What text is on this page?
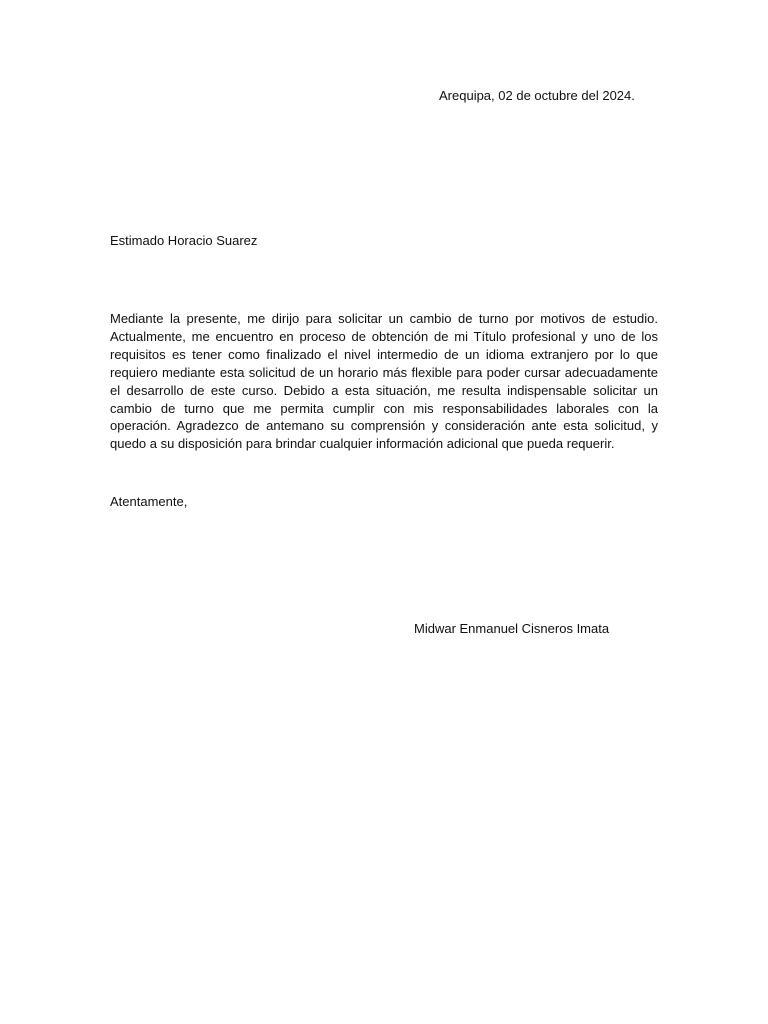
Arequipa, 02 de octubre del 2024.
Estimado Horacio Suarez
Mediante la presente, me dirijo para solicitar un cambio de turno por motivos de estudio. Actualmente, me encuentro en proceso de obtención de mi Título profesional y uno de los requisitos es tener como finalizado el nivel intermedio de un idioma extranjero por lo que requiero mediante esta solicitud de un horario más flexible para poder cursar adecuadamente el desarrollo de este curso. Debido a esta situación, me resulta indispensable solicitar un cambio de turno que me permita cumplir con mis responsabilidades laborales con la operación. Agradezco de antemano su comprensión y consideración ante esta solicitud, y quedo a su disposición para brindar cualquier información adicional que pueda requerir.
Atentamente,
Midwar Enmanuel Cisneros Imata
